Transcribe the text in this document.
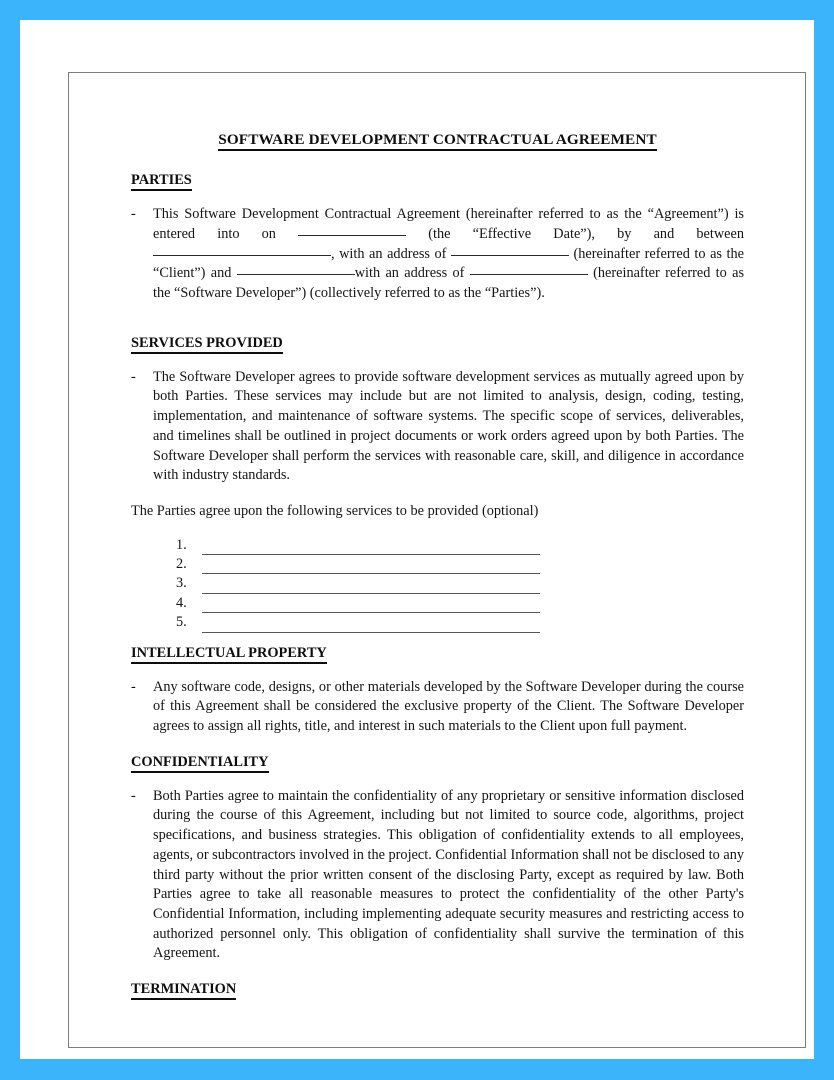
SOFTWARE DEVELOPMENT CONTRACTUAL AGREEMENT
PARTIES
-	This Software Development Contractual Agreement (hereinafter referred to as the “Agreement”) is entered into on	(the “Effective Date”), by and between , with an address of	(hereinafter referred to as the “Client”) and	with an address of	(hereinafter referred to as the “Software Developer”) (collectively referred to as the “Parties”).
SERVICES PROVIDED
-	The Software Developer agrees to provide software development services as mutually agreed upon by both Parties. These services may include but are not limited to analysis, design, coding, testing, implementation, and maintenance of software systems. The specific scope of services, deliverables, and timelines shall be outlined in project documents or work orders agreed upon by both Parties. The Software Developer shall perform the services with reasonable care, skill, and diligence in accordance with industry standards.
The Parties agree upon the following services to be provided (optional)
1.
2.
3.
4.
5.
INTELLECTUAL PROPERTY
-	Any software code, designs, or other materials developed by the Software Developer during the course of this Agreement shall be considered the exclusive property of the Client. The Software Developer agrees to assign all rights, title, and interest in such materials to the Client upon full payment.
CONFIDENTIALITY
-	Both Parties agree to maintain the confidentiality of any proprietary or sensitive information disclosed during the course of this Agreement, including but not limited to source code, algorithms, project specifications, and business strategies. This obligation of confidentiality extends to all employees, agents, or subcontractors involved in the project. Confidential Information shall not be disclosed to any third party without the prior written consent of the disclosing Party, except as required by law. Both Parties agree to take all reasonable measures to protect the confidentiality of the other Party's Confidential Information, including implementing adequate security measures and restricting access to authorized personnel only. This obligation of confidentiality shall survive the termination of this Agreement.
TERMINATION
